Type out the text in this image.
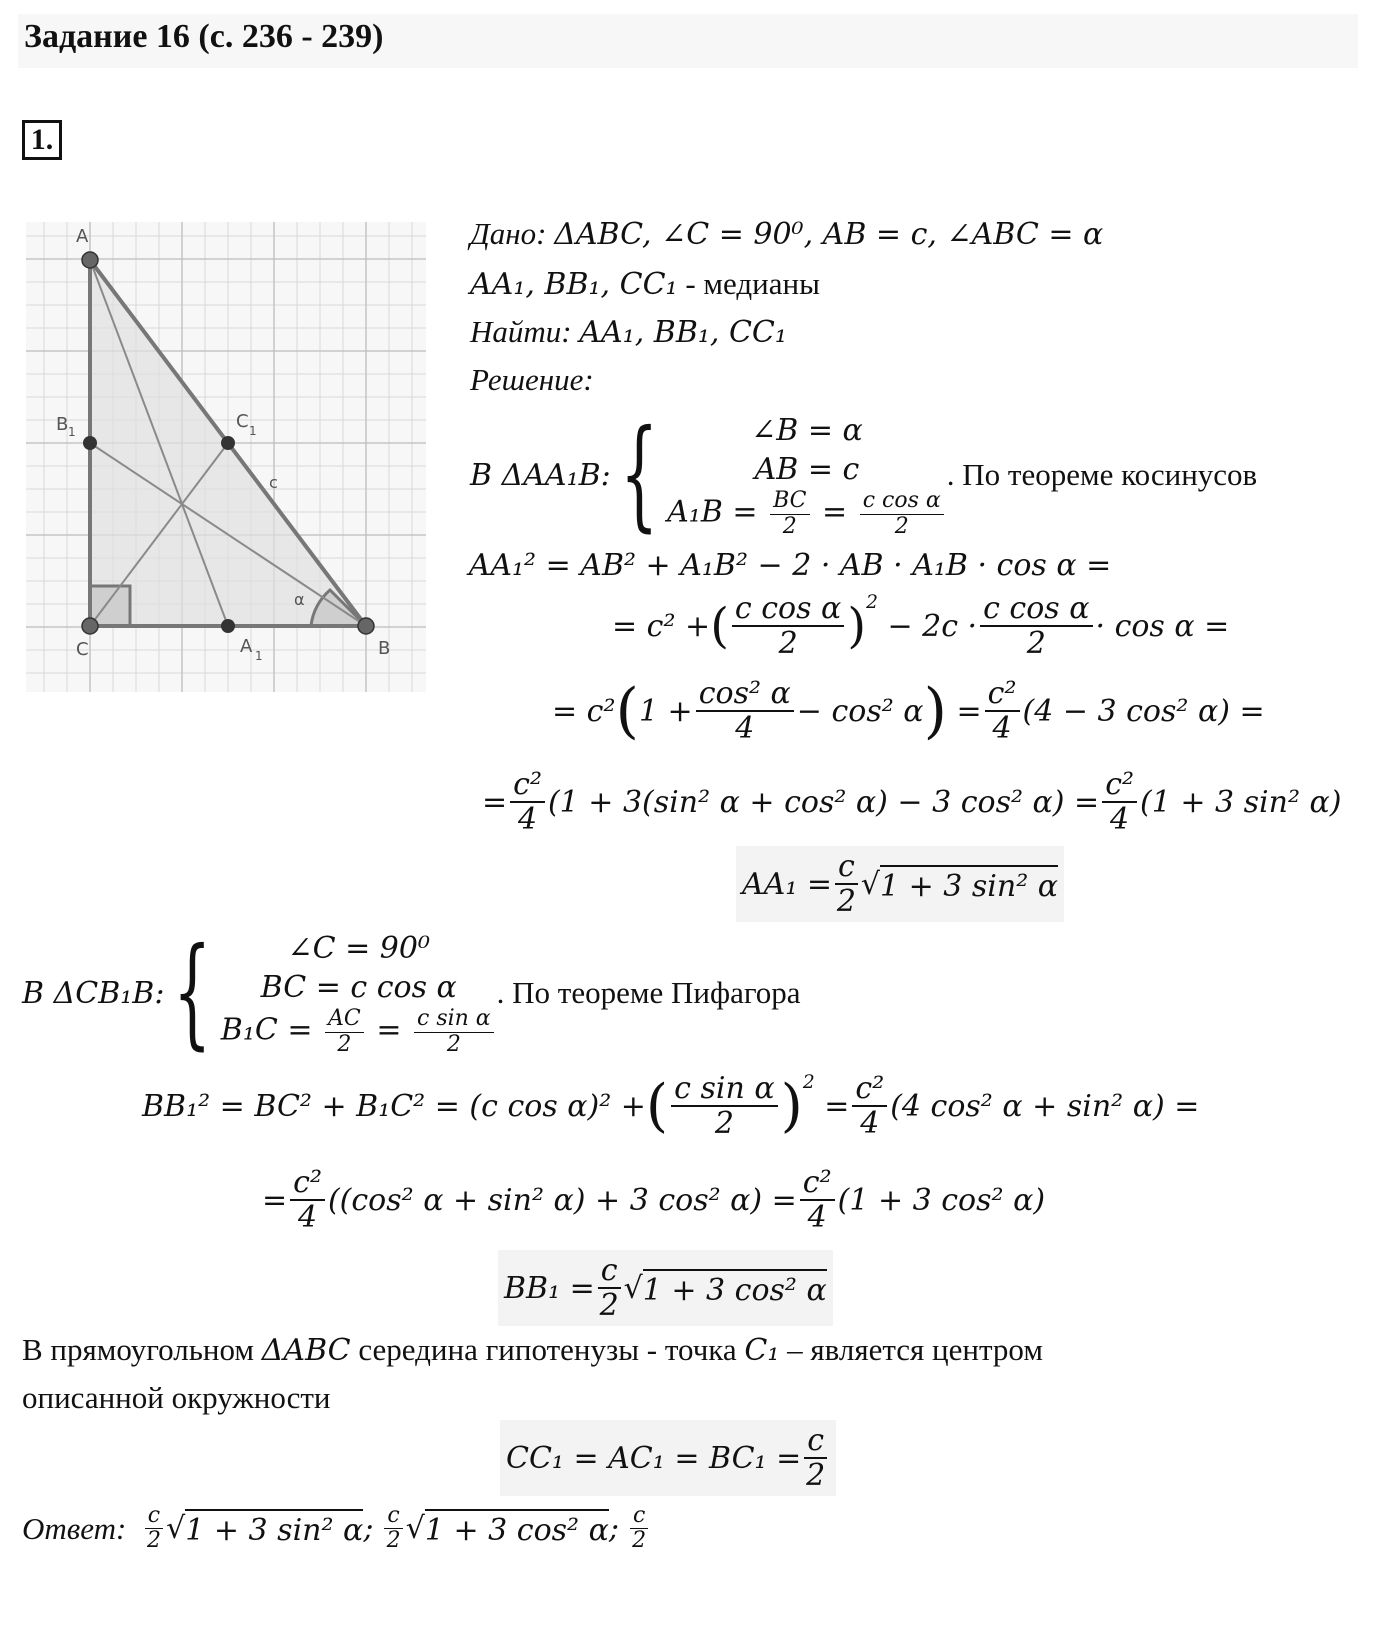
Задание 16 (с. 236 - 239)
1.
A
B
C
B 1	C 1
A 1
c
α
Дано: ΔABC, ∠C = 90⁰, AB = c, ∠ABC = α
AA₁, BB₁, CC₁ - медианы
Найти: AA₁, BB₁, CC₁
Решение:
В ΔAA₁B: {	∠B = α
AB = c
$A_1B = \frac{BC}{2} = \frac{\text{c cos α}}{2}$
. По теореме косинусов
AA₁² = AB² + A₁B² − 2 · AB · A₁B · cos α =
= c² + ( $\frac{\text{c cos α}}{2} )^2$

− $2c \cdot \frac{\text{c cos α}}{2} \cdot \cos \alpha$ =
= c² ( $1 + \frac{\text{cos² α}}{4} - \cos^2$ α )
= $\frac{\text{c²}}{4} (4 - 3$ cos² α) =
= $\frac{\text{c²}}{4} (1 + 3(\sin^2$ α + cos² α) − 3 cos² $\alpha) = \frac{\text{c²}}{4} (1 + 3$ sin² α)
$AA_1 = \frac{c}{2}$ √ 1 + 3 sin² α
В ΔCB₁B: {	∠C = 90⁰
BC = c cos α
$B_1C = \frac{AC}{2} = \frac{\text{c sin α}}{2}$
. По теореме Пифагора
BB₁² = BC² + B₁C² = (c cos α)² + ( $\frac{\text{c sin α}}{2} )^2$

= $\frac{\text{c²}}{4} (4$ cos² α + sin² α) =
= $\frac{\text{c²}}{4} ((\cos^2$ α + sin² α) + 3 cos² $\alpha) = \frac{\text{c²}}{4} (1 + 3$ cos² α)
$BB_1 = \frac{c}{2}$ √ 1 + 3 cos² α
В прямоугольном ΔABC середина гипотенузы - точка C₁ – является центром
описанной окружности
$CC_1 = AC_1 = BC_1 = \frac{c}{2}$
Ответ : $\frac{c}{2}$ √ 1 + 3 sin² α ;
$\frac{c}{2}$ √ 1 + 3 cos² α ;
$\frac{c}{2}$
